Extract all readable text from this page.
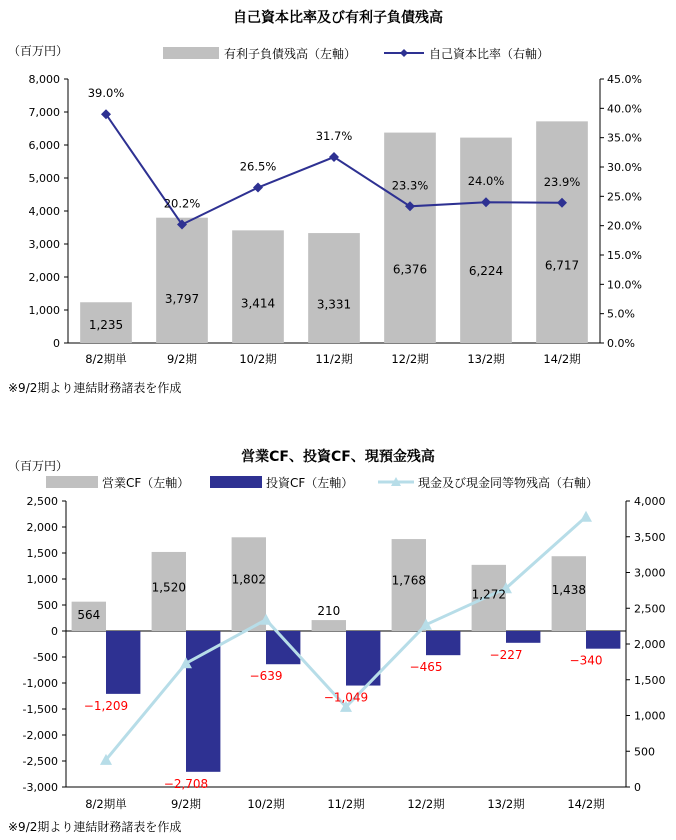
自己資本比率及び有利子負債残高
（百万円）	有利子負債残高（左軸）	自己資本比率（右軸）
※9/2期より連結財務諸表を作成
0
1,000
2,000
3,000
4,000
5,000
6,000
7,000
8,000
0.0%
5.0%
10.0%
15.0%
20.0%
25.0%
30.0%
35.0%
40.0%
45.0%
1,235
3,797	3,414	3,331
6,376	6,224	6,717
8/2期単	9/2期	10/2期	11/2期	12/2期	13/2期	14/2期
39.0%
20.2%
26.5%
31.7%
23.3%	24.0%	23.9%
営業CF、投資CF、現預金残高
（百万円）
営業CF（左軸）	投資CF（左軸）	現金及び現金同等物残高（右軸）
※9/2期より連結財務諸表を作成
-3,000
-2,500
-2,000
-1,500
-1,000
-500
0
500
1,000
1,500
2,000
2,500
0
500
1,000
1,500
2,000
2,500
3,000
3,500
4,000
564
1,520
1,802
210
1,768
1,272	1,438
−1,209
−2,708
−639
−1,049
−465
−227	−340
8/2期単	9/2期	10/2期	11/2期	12/2期	13/2期	14/2期
